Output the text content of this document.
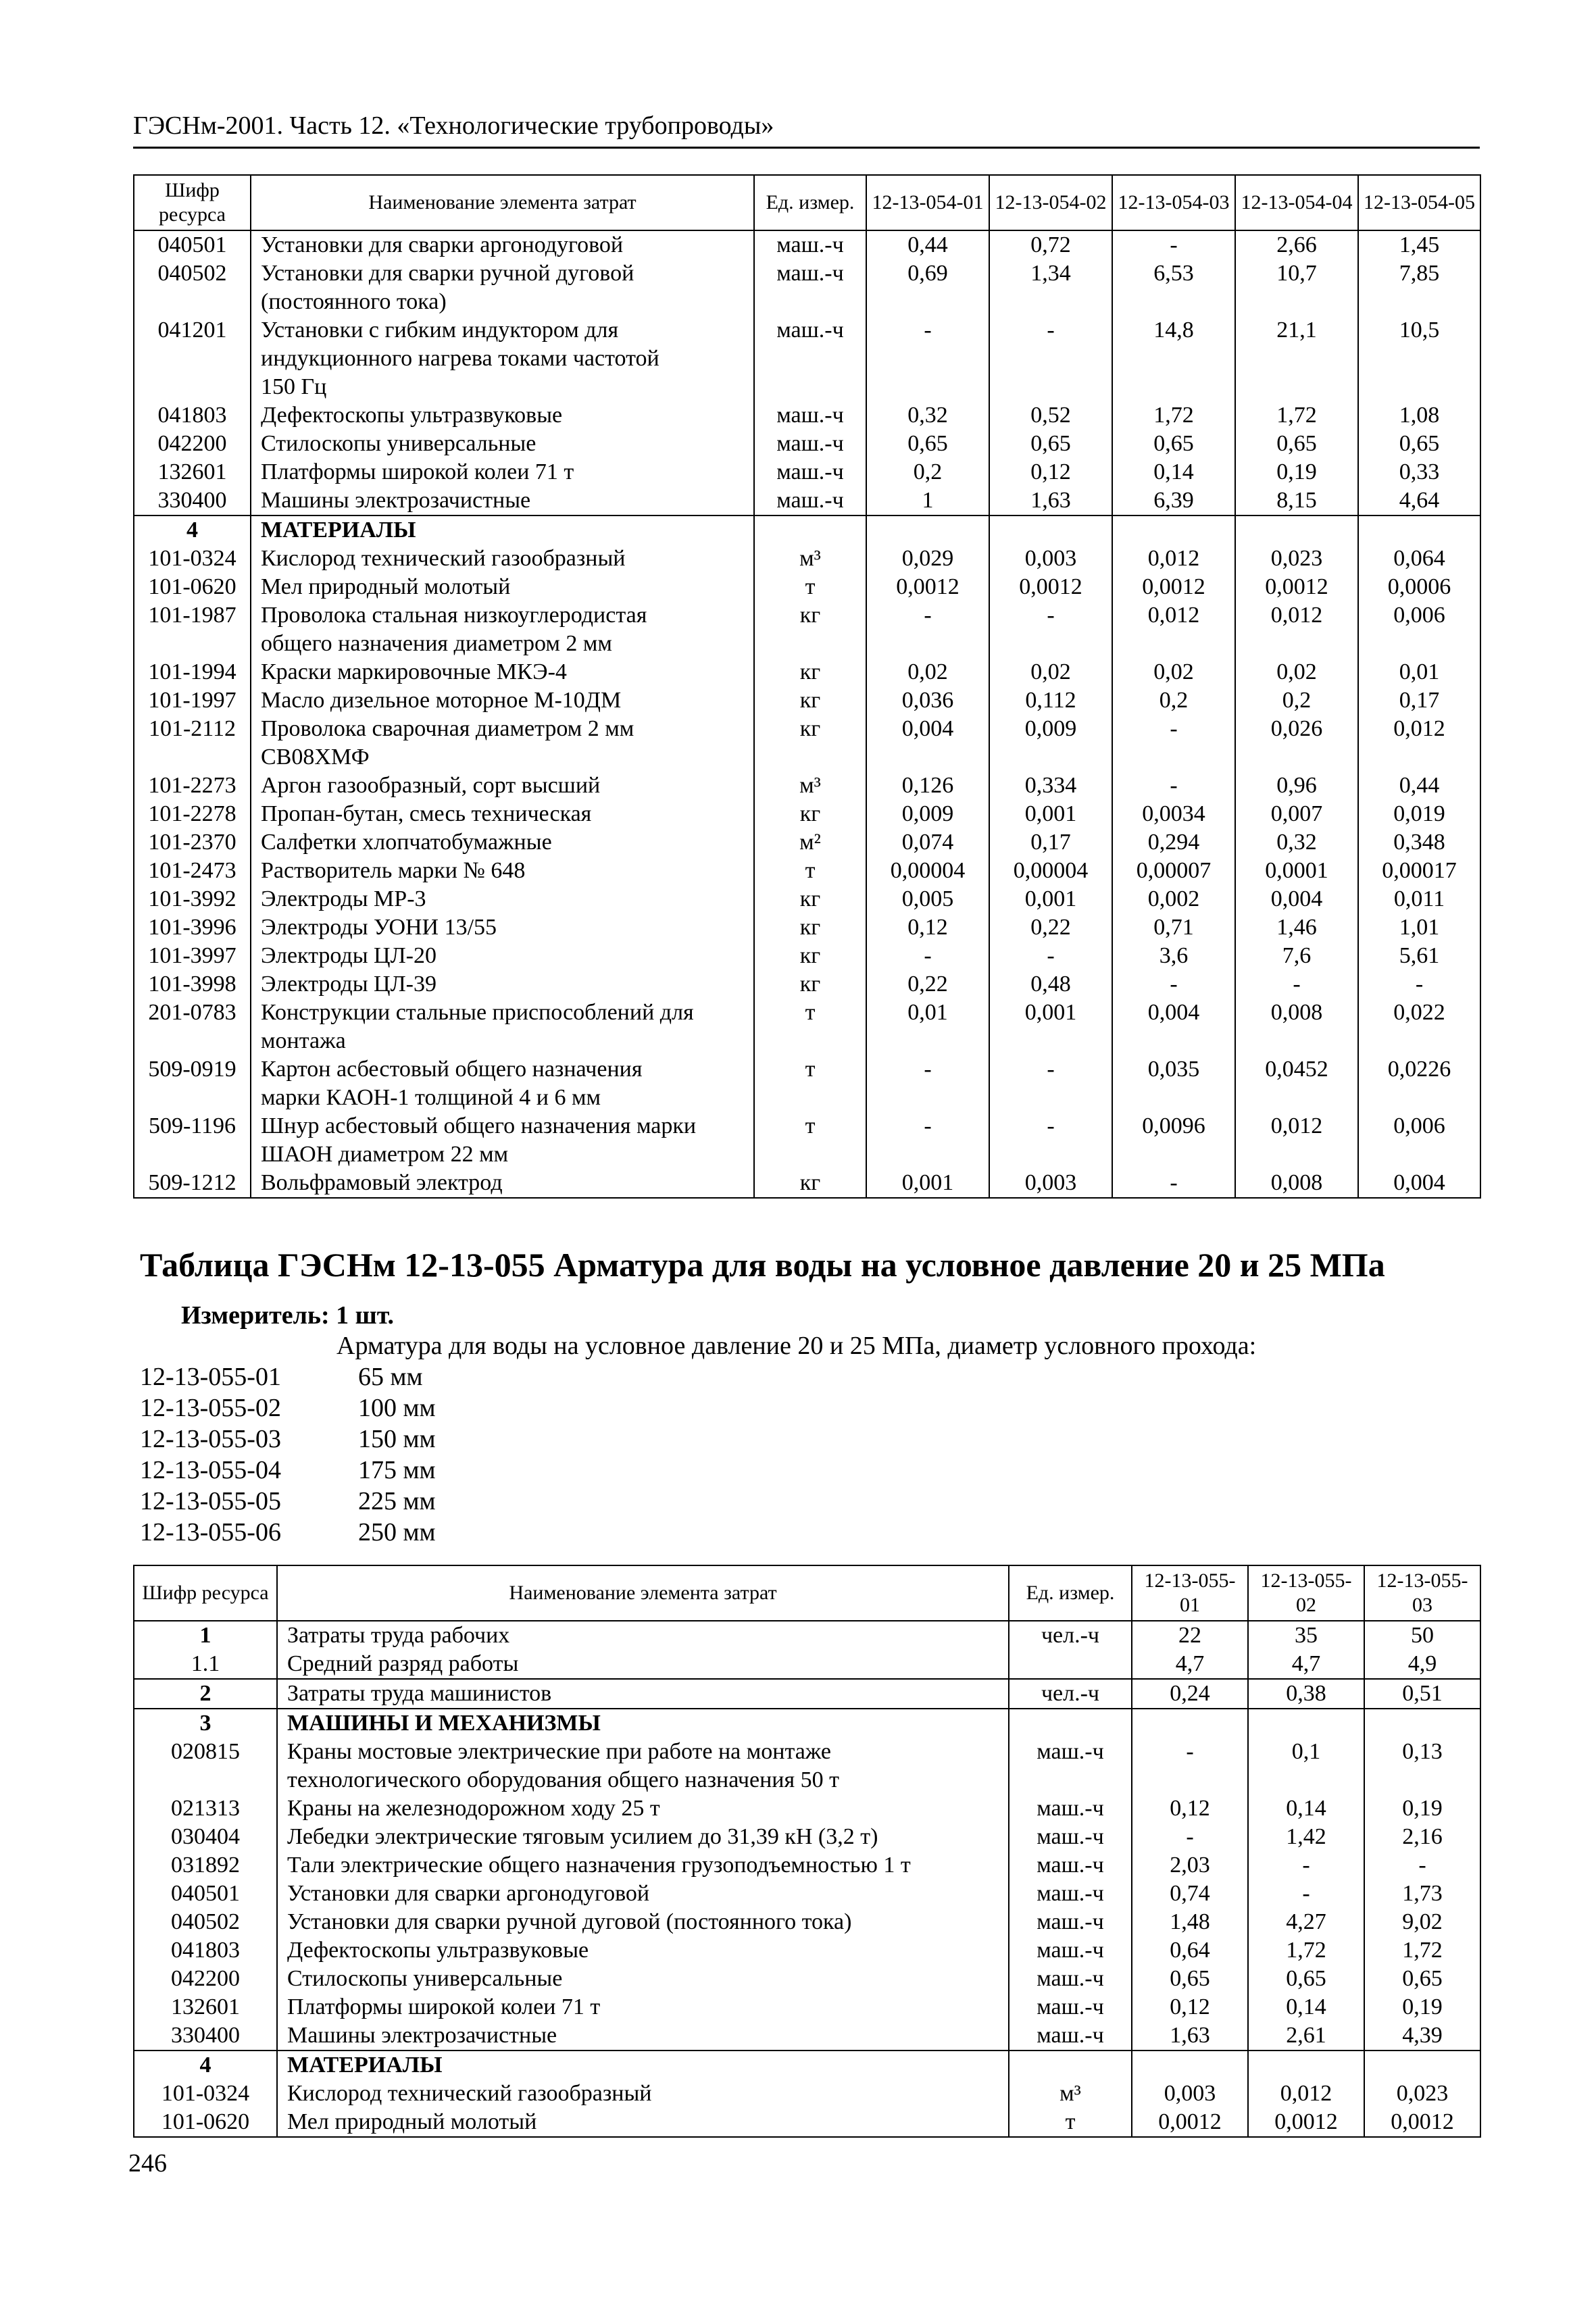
ГЭСНм-2001. Часть 12. «Технологические трубопроводы»
Шифр ресурса	Наименование элемента затрат	Ед. измер.	12-13-054-01	12-13-054-02	12-13-054-03	12-13-054-04	12-13-054-05
040501	Установки для сварки аргонодуговой	маш.-ч	0,44	0,72	-	2,66	1,45
040502	Установки для сварки ручной дуговой	маш.-ч	0,69	1,34	6,53	10,7	7,85
	(постоянного тока)						
041201	Установки с гибким индуктором для	маш.-ч	-	-	14,8	21,1	10,5
	индукционного нагрева токами частотой						
	150 Гц						
041803	Дефектоскопы ультразвуковые	маш.-ч	0,32	0,52	1,72	1,72	1,08
042200	Стилоскопы универсальные	маш.-ч	0,65	0,65	0,65	0,65	0,65
132601	Платформы широкой колеи 71 т	маш.-ч	0,2	0,12	0,14	0,19	0,33
330400	Машины электрозачистные	маш.-ч	1	1,63	6,39	8,15	4,64
4	МАТЕРИАЛЫ						
101-0324	Кислород технический газообразный	м³	0,029	0,003	0,012	0,023	0,064
101-0620	Мел природный молотый	т	0,0012	0,0012	0,0012	0,0012	0,0006
101-1987	Проволока стальная низкоуглеродистая	кг	-	-	0,012	0,012	0,006
	общего назначения диаметром 2 мм						
101-1994	Краски маркировочные МКЭ-4	кг	0,02	0,02	0,02	0,02	0,01
101-1997	Масло дизельное моторное М-10ДМ	кг	0,036	0,112	0,2	0,2	0,17
101-2112	Проволока сварочная диаметром 2 мм	кг	0,004	0,009	-	0,026	0,012
	СВ08ХМФ						
101-2273	Аргон газообразный, сорт высший	м³	0,126	0,334	-	0,96	0,44
101-2278	Пропан-бутан, смесь техническая	кг	0,009	0,001	0,0034	0,007	0,019
101-2370	Салфетки хлопчатобумажные	м²	0,074	0,17	0,294	0,32	0,348
101-2473	Растворитель марки № 648	т	0,00004	0,00004	0,00007	0,0001	0,00017
101-3992	Электроды МР-3	кг	0,005	0,001	0,002	0,004	0,011
101-3996	Электроды УОНИ 13/55	кг	0,12	0,22	0,71	1,46	1,01
101-3997	Электроды ЦЛ-20	кг	-	-	3,6	7,6	5,61
101-3998	Электроды ЦЛ-39	кг	0,22	0,48	-	-	-
201-0783	Конструкции стальные приспособлений для	т	0,01	0,001	0,004	0,008	0,022
	монтажа						
509-0919	Картон асбестовый общего назначения	т	-	-	0,035	0,0452	0,0226
	марки КАОН-1 толщиной 4 и 6 мм						
509-1196	Шнур асбестовый общего назначения марки	т	-	-	0,0096	0,012	0,006
	ШАОН диаметром 22 мм						
509-1212	Вольфрамовый электрод	кг	0,001	0,003	-	0,008	0,004
Таблица ГЭСНм 12-13-055 Арматура для воды на условное давление 20 и 25 МПа
Измеритель: 1 шт.
Арматура для воды на условное давление 20 и 25 МПа, диаметр условного прохода:
12-13-055-01	65 мм
12-13-055-02	100 мм
12-13-055-03	150 мм
12-13-055-04	175 мм
12-13-055-05	225 мм
12-13-055-06	250 мм
Шифр ресурса	Наименование элемента затрат	Ед. измер.	12-13-055-01	12-13-055-02	12-13-055-03
1	Затраты труда рабочих	чел.-ч	22	35	50
1.1	Средний разряд работы		4,7	4,7	4,9
2	Затраты труда машинистов	чел.-ч	0,24	0,38	0,51
3	МАШИНЫ И МЕХАНИЗМЫ				
020815	Краны мостовые электрические при работе на монтаже	маш.-ч	-	0,1	0,13
	технологического оборудования общего назначения 50 т				
021313	Краны на железнодорожном ходу 25 т	маш.-ч	0,12	0,14	0,19
030404	Лебедки электрические тяговым усилием до 31,39 кН (3,2 т)	маш.-ч	-	1,42	2,16
031892	Тали электрические общего назначения грузоподъемностью 1 т	маш.-ч	2,03	-	-
040501	Установки для сварки аргонодуговой	маш.-ч	0,74	-	1,73
040502	Установки для сварки ручной дуговой (постоянного тока)	маш.-ч	1,48	4,27	9,02
041803	Дефектоскопы ультразвуковые	маш.-ч	0,64	1,72	1,72
042200	Стилоскопы универсальные	маш.-ч	0,65	0,65	0,65
132601	Платформы широкой колеи 71 т	маш.-ч	0,12	0,14	0,19
330400	Машины электрозачистные	маш.-ч	1,63	2,61	4,39
4	МАТЕРИАЛЫ				
101-0324	Кислород технический газообразный	м³	0,003	0,012	0,023
101-0620	Мел природный молотый	т	0,0012	0,0012	0,0012
246
